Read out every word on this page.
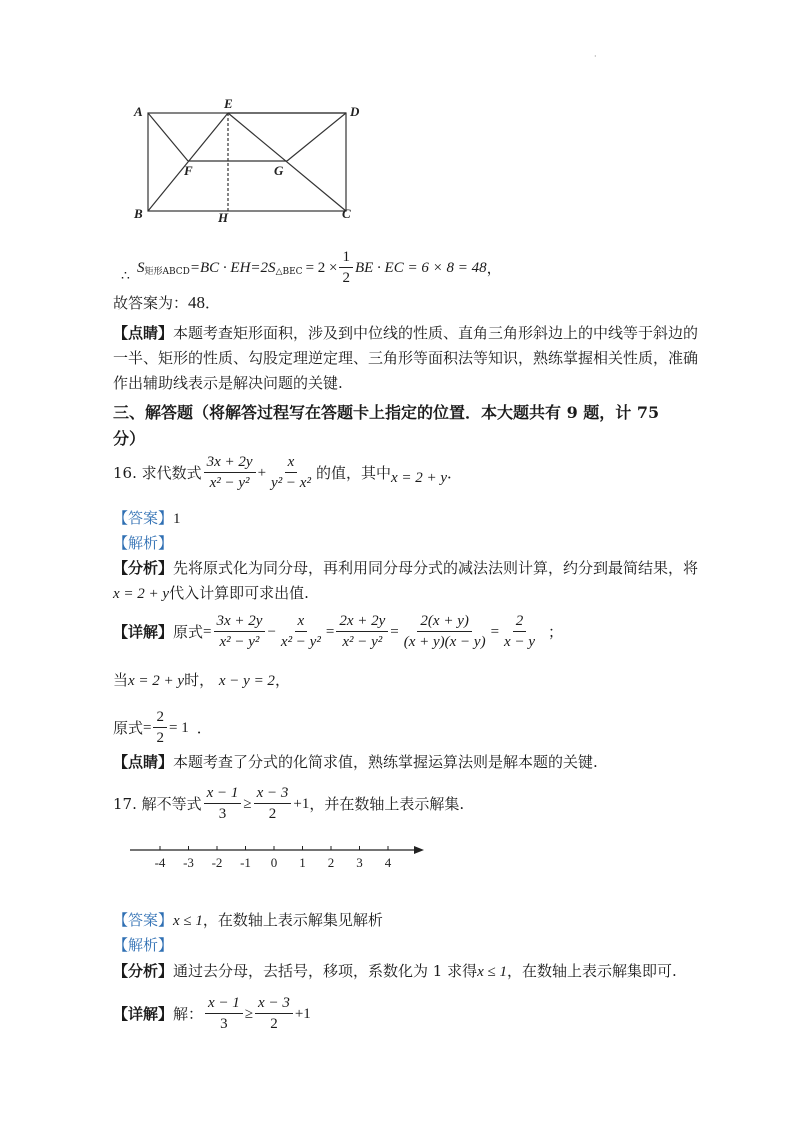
·
A
E
D
F	G
B	H	C
∴
S 矩形ABCD =BC · EH=2S △BEC = $2 \times \frac{1}{2}$ BE · EC = 6 × 8 = 48 ，
故答案为：48．
【点睛】本题考查矩形面积，涉及到中位线的性质、直角三角形斜边上的中线等于斜边的
一半、矩形的性质、勾股定理逆定理、三角形等面积法等知识，熟练掌握相关性质，准确
作出辅助线表示是解决问题的关键.
三、解答题（将解答过程写在答题卡上指定的位置．本大题共有 9 题，计 75
分）
16. 求代数式 $\frac{3x + 2y}{\text{x² − y²}} + \frac{x}{\text{y² − x²}}$ 的值，其中 x = 2 + y ．
【答案】1
【解析】
【分析】先将原式化为同分母，再利用同分母分式的减法法则计算，约分到最简结果，将
x = 2 + y代入计算即可求出值.
【详解】 原式 = $\frac{3x + 2y}{\text{x² − y²}} - \frac{x}{\text{x² − y²}} = \frac{2x + 2y}{\text{x² − y²}} = \frac{2(x + y)}{(x + y)(x - y)} = \frac{2}{x - y}$ ；
当x = 2 + y时， x − y = 2，
原式 = $\frac{2}{2} = 1$ ．
【点睛】本题考查了分式的化简求值，熟练掌握运算法则是解本题的关键.
17. 解不等式 $\frac{x - 1}{3} \ge \frac{x - 3}{2} +1$ ，并在数轴上表示解集.
-4 -3 -2 -1 0 1 2 3 4
【答案】x ≤ 1，在数轴上表示解集见解析
【解析】
【分析】通过去分母，去括号，移项，系数化为 1 求得x ≤ 1，在数轴上表示解集即可.
【详解】 解： $\frac{x - 1}{3} \ge \frac{x - 3}{2} +1$
